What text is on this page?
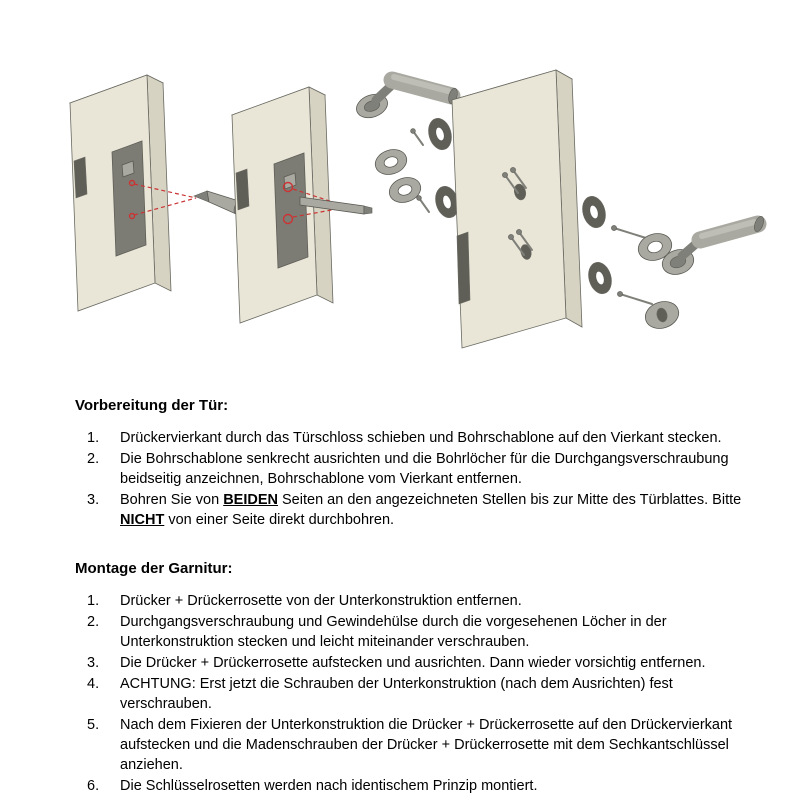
Vorbereitung der Tür:
Drückervierkant durch das Türschloss schieben und Bohrschablone auf den Vierkant stecken.
Die Bohrschablone senkrecht ausrichten und die Bohrlöcher für die Durchgangsverschraubung beidseitig anzeichnen, Bohrschablone vom Vierkant entfernen.
Bohren Sie von BEIDEN Seiten an den angezeichneten Stellen bis zur Mitte des Türblattes. Bitte NICHT von einer Seite direkt durchbohren.
Montage der Garnitur:
Drücker + Drückerrosette von der Unterkonstruktion entfernen.
Durchgangsverschraubung und Gewindehülse durch die vorgesehenen Löcher in der Unterkonstruktion stecken und leicht miteinander verschrauben.
Die Drücker + Drückerrosette aufstecken und ausrichten. Dann wieder vorsichtig entfernen.
ACHTUNG: Erst jetzt die Schrauben der Unterkonstruktion (nach dem Ausrichten) fest verschrauben.
Nach dem Fixieren der Unterkonstruktion die Drücker + Drückerrosette auf den Drückervierkant aufstecken und die Madenschrauben der Drücker + Drückerrosette mit dem Sechkantschlüssel anziehen.
Die Schlüsselrosetten werden nach identischem Prinzip montiert.
